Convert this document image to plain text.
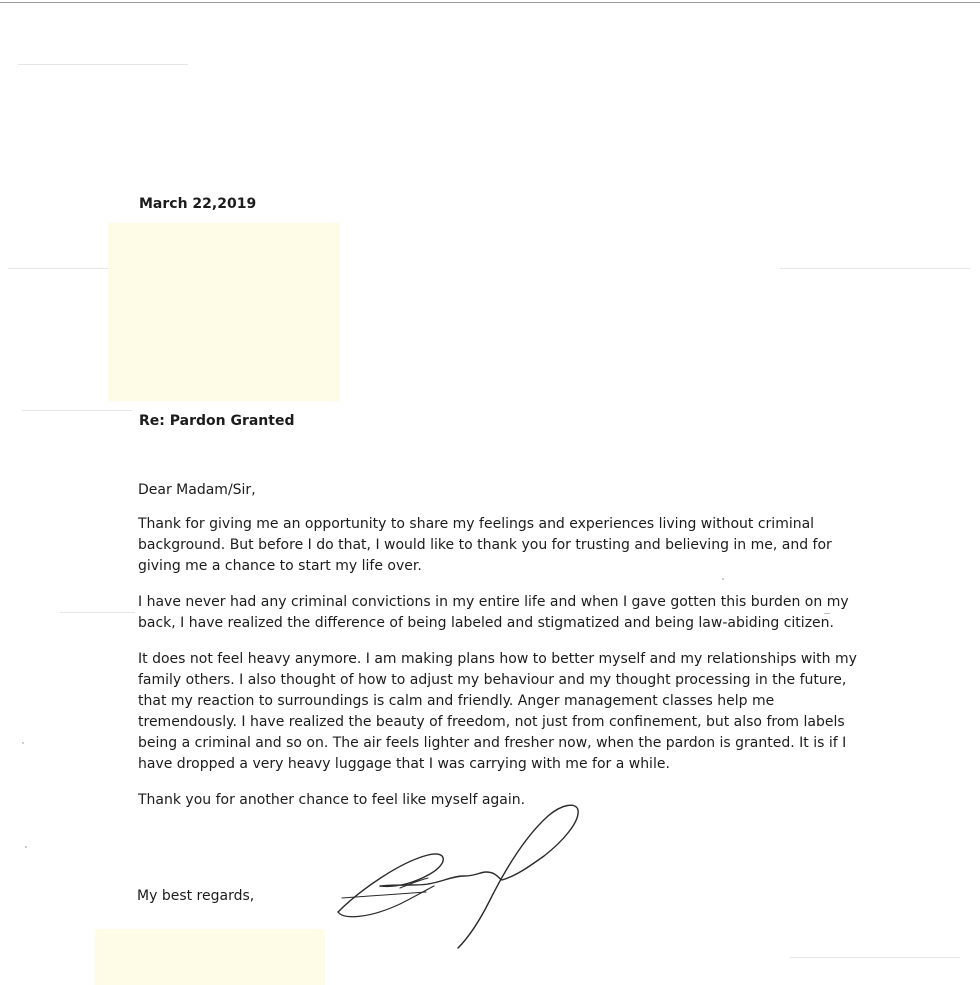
March 22,2019
Re: Pardon Granted
Dear Madam/Sir,
Thank for giving me an opportunity to share my feelings and experiences living without criminal
background. But before I do that, I would like to thank you for trusting and believing in me, and for
giving me a chance to start my life over.
I have never had any criminal convictions in my entire life and when I gave gotten this burden on my
back, I have realized the difference of being labeled and stigmatized and being law-abiding citizen.
It does not feel heavy anymore. I am making plans how to better myself and my relationships with my
family others. I also thought of how to adjust my behaviour and my thought processing in the future,
that my reaction to surroundings is calm and friendly. Anger management classes help me
tremendously. I have realized the beauty of freedom, not just from confinement, but also from labels
being a criminal and so on. The air feels lighter and fresher now, when the pardon is granted. It is if I
have dropped a very heavy luggage that I was carrying with me for a while.
Thank you for another chance to feel like myself again.
My best regards,
